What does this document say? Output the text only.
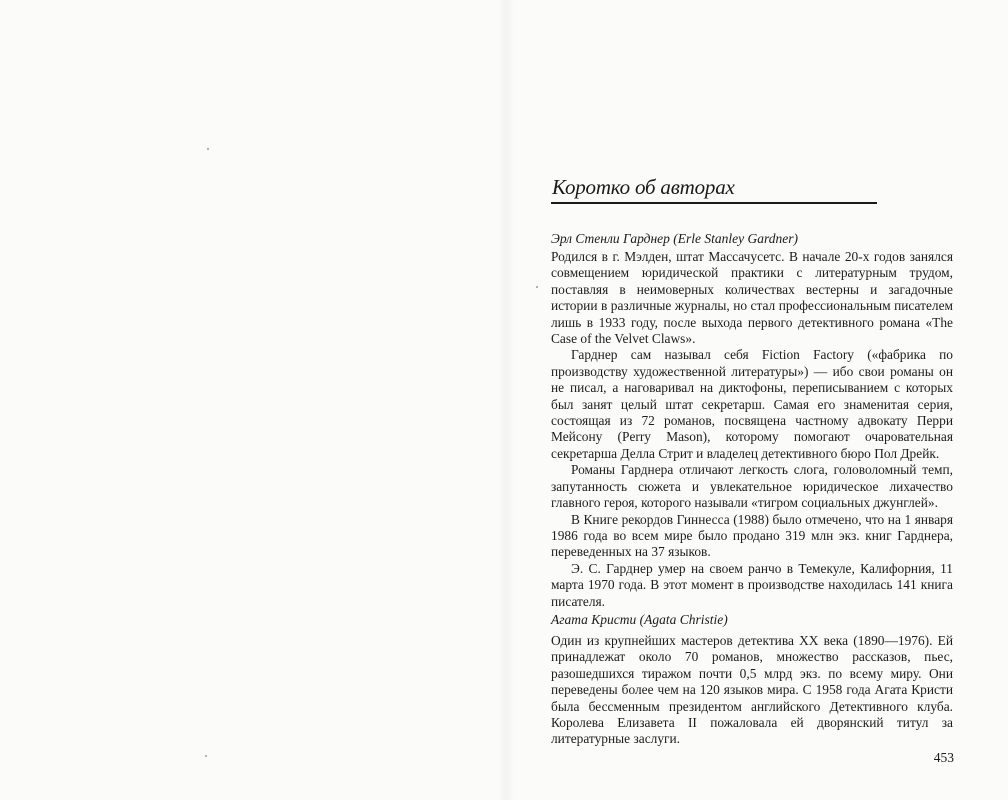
Коротко об авторах
Эрл Стенли Гарднер (Erle Stanley Gardner)

Родился в г. Мэлден, штат Массачусетс. В начале 20-х годов занялся совмещением юридической практики с литературным трудом, поставляя в неимоверных количествах вестерны и загадочные истории в различные журналы, но стал профессиональным писателем лишь в 1933 году, после выхода первого детективного романа «The Case of the Velvet Claws».

Гарднер сам называл себя Fiction Factory («фабрика по производству художественной литературы») — ибо свои романы он не писал, а наговаривал на диктофоны, переписыванием с которых был занят целый штат секретарш. Самая его знаменитая серия, состоящая из 72 романов, посвящена частному адвокату Перри Мейсону (Perry Mason), которому помогают очаровательная секретарша Делла Стрит и владелец детективного бюро Пол Дрейк.

Романы Гарднера отличают легкость слога, головоломный темп, запутанность сюжета и увлекательное юридическое лихачество главного героя, которого называли «тигром социальных джунглей».

В Книге рекордов Гиннесса (1988) было отмечено, что на 1 января 1986 года во всем мире было продано 319 млн экз. книг Гарднера, переведенных на 37 языков.

Э. С. Гарднер умер на своем ранчо в Темекуле, Калифорния, 11 марта 1970 года. В этот момент в производстве находилась 141 книга писателя.

Агата Кристи (Agata Christie)

Один из крупнейших мастеров детектива XX века (1890—1976). Ей принадлежат около 70 романов, множество рассказов, пьес, разошедшихся тиражом почти 0,5 млрд экз. по всему миру. Они переведены более чем на 120 языков мира. С 1958 года Агата Кристи была бессменным президентом английского Детективного клуба. Королева Елизавета II пожаловала ей дворянский титул за литературные заслуги.

453
